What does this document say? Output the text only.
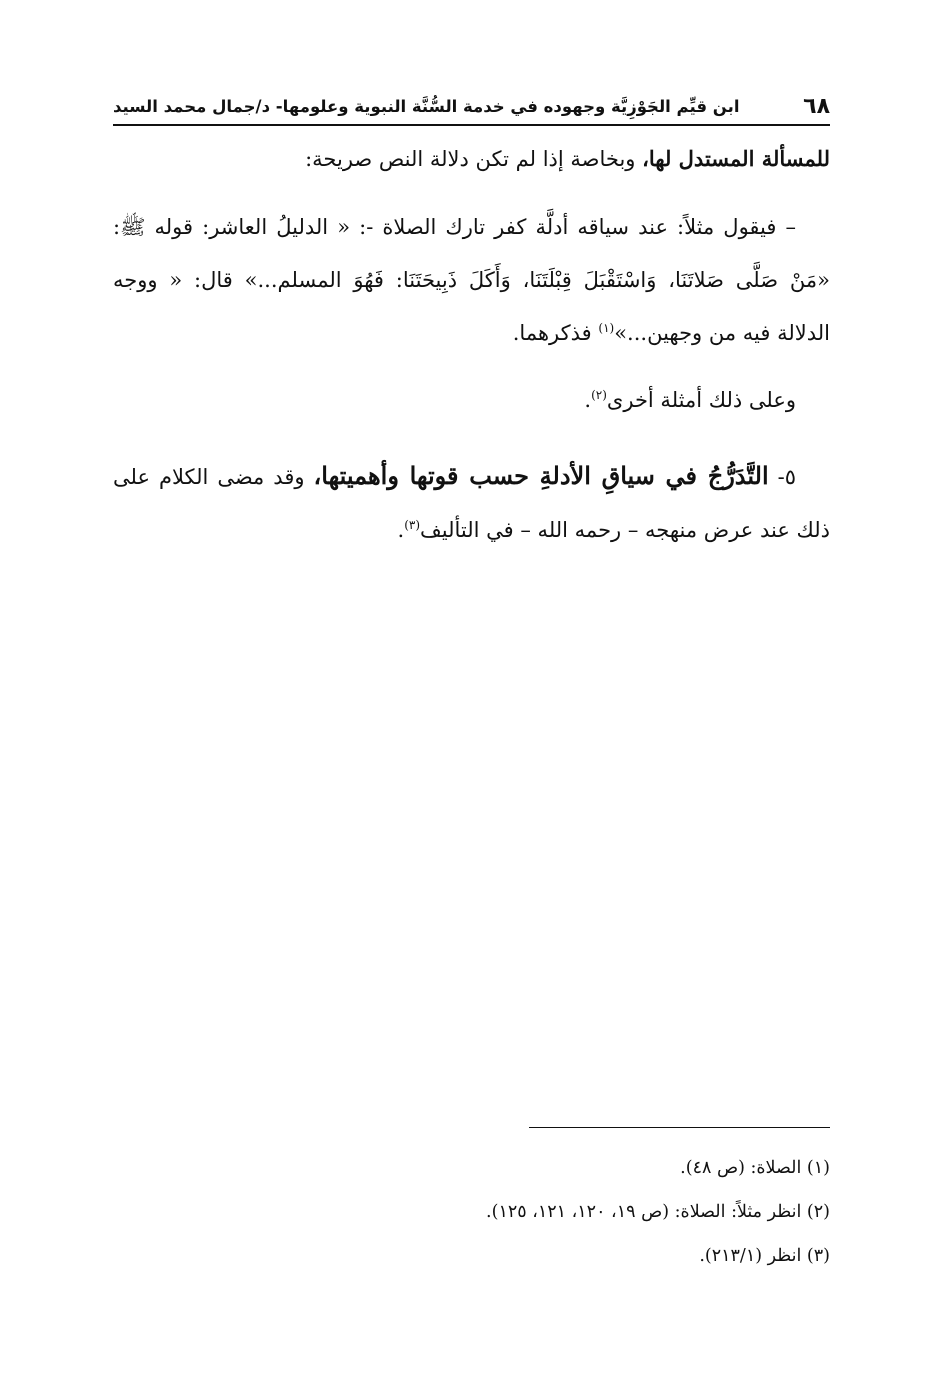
٦٨
ابن قيِّم الجَوْزِيَّة وجهوده في خدمة السُّنَّة النبوية وعلومها- د/جمال محمد السيد

للمسألة المستدل لها، وبخاصة إذا لم تكن دلالة النص صريحة:

– فيقول مثلاً: عند سياقه أدلَّة كفر تارك الصلاة -: « الدليلُ العاشر: قوله ﷺ: «مَنْ صَلَّى صَلاتَنَا، وَاسْتَقْبَلَ قِبْلَتَنَا، وَأَكَلَ ذَبِيحَتَنَا: فَهُوَ المسلم...» قال: « ووجه الدلالة فيه من وجهين...»$^{(١)}$ فذكرهما.

وعلى ذلك أمثلة أخرى$^{(٢)}$.

٥- التَّدَرُّجُ في سياقِ الأدلةِ حسب قوتها وأهميتها، وقد مضى الكلام على ذلك عند عرض منهجه – رحمه الله – في التأليف$^{(٣)}$.

(١) الصلاة: (ص ٤٨).

(٢) انظر مثلاً: الصلاة: (ص ١٩، ١٢٠، ١٢١، ١٢٥).

(٣) انظر (٢١٣/١).
